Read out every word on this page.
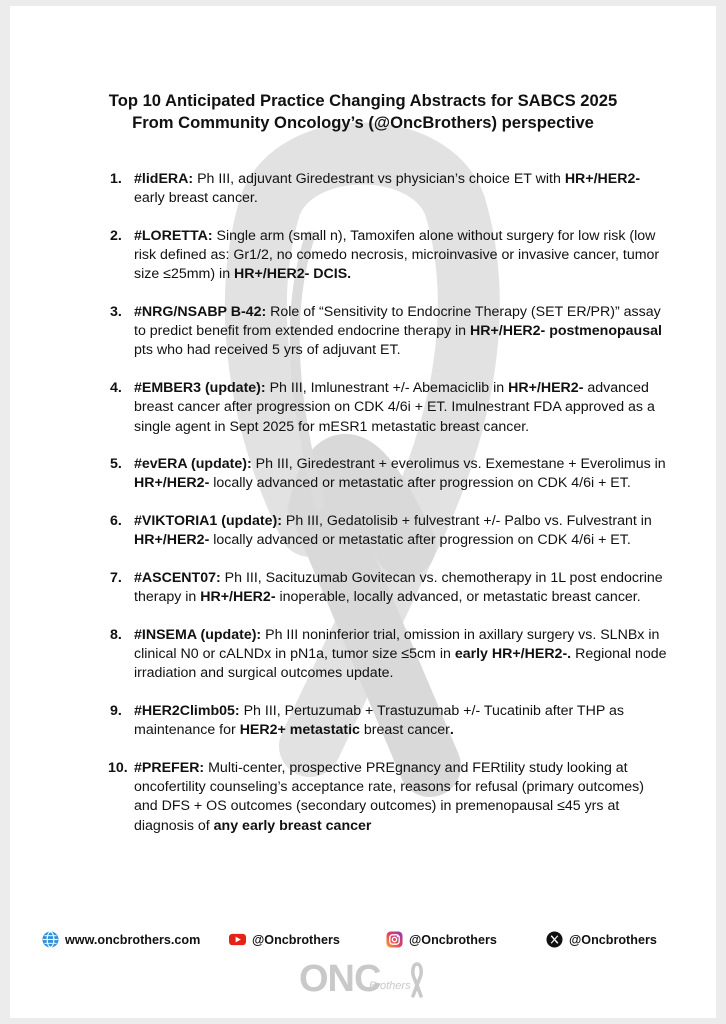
Top 10 Anticipated Practice Changing Abstracts for SABCS 2025
From Community Oncology’s (@OncBrothers) perspective
1. #lidERA: Ph III, adjuvant Giredestrant vs physician’s choice ET with HR+/HER2- early breast cancer.
2. #LORETTA: Single arm (small n), Tamoxifen alone without surgery for low risk (low risk defined as: Gr1/2, no comedo necrosis, microinvasive or invasive cancer, tumor size ≤25mm) in HR+/HER2- DCIS.
3. #NRG/NSABP B-42: Role of “Sensitivity to Endocrine Therapy (SET ER/PR)” assay to predict benefit from extended endocrine therapy in HR+/HER2- postmenopausal pts who had received 5 yrs of adjuvant ET.
4. #EMBER3 (update): Ph III, Imlunestrant +/- Abemaciclib in HR+/HER2- advanced breast cancer after progression on CDK 4/6i + ET. Imulnestrant FDA approved as a single agent in Sept 2025 for mESR1 metastatic breast cancer.
5. #evERA (update): Ph III, Giredestrant + everolimus vs. Exemestane + Everolimus in HR+/HER2- locally advanced or metastatic after progression on CDK 4/6i + ET.
6. #VIKTORIA1 (update): Ph III, Gedatolisib + fulvestrant +/- Palbo vs. Fulvestrant in HR+/HER2- locally advanced or metastatic after progression on CDK 4/6i + ET.
7. #ASCENT07: Ph III, Sacituzumab Govitecan vs. chemotherapy in 1L post endocrine therapy in HR+/HER2- inoperable, locally advanced, or metastatic breast cancer.
8. #INSEMA (update): Ph III noninferior trial, omission in axillary surgery vs. SLNBx in clinical N0 or cALNDx in pN1a, tumor size ≤5cm in early HR+/HER2-. Regional node irradiation and surgical outcomes update.
9. #HER2Climb05: Ph III, Pertuzumab + Trastuzumab +/- Tucatinib after THP as maintenance for HER2+ metastatic breast cancer.
10. #PREFER: Multi-center, prospective PREgnancy and FERtility study looking at oncofertility counseling’s acceptance rate, reasons for refusal (primary outcomes) and DFS + OS outcomes (secondary outcomes) in premenopausal ≤45 yrs at diagnosis of any early breast cancer
www.oncbrothers.com	@Oncbrothers	@Oncbrothers	@Oncbrothers
ONC
Brothers
